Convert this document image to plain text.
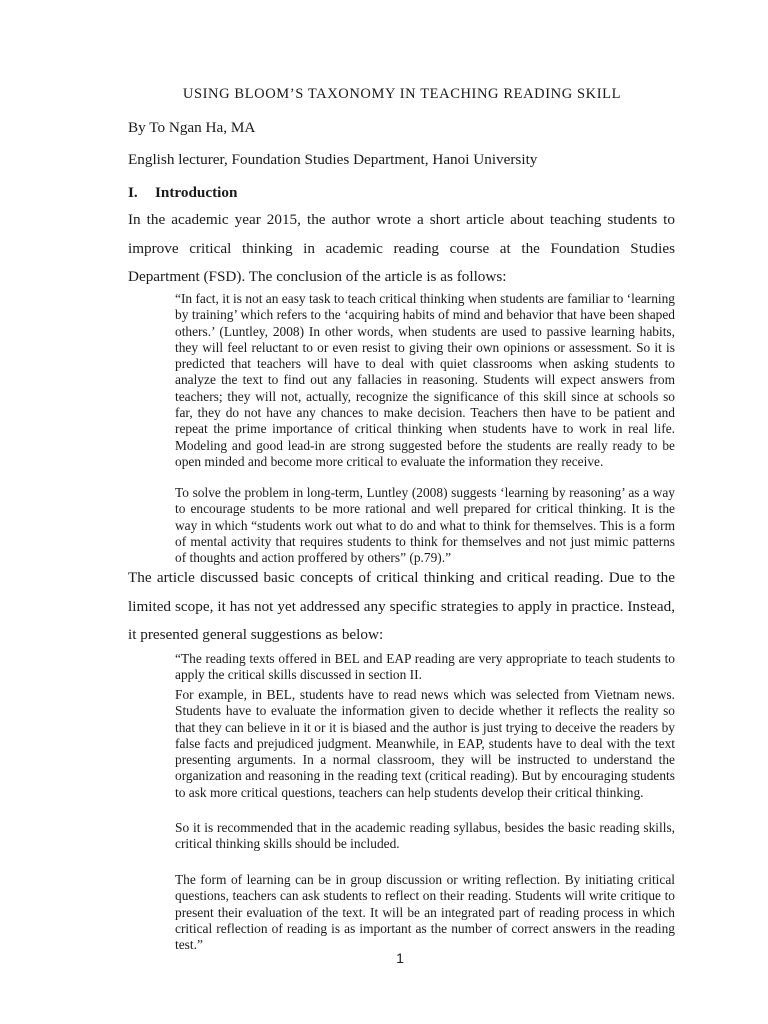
USING BLOOM’S TAXONOMY IN TEACHING READING SKILL

By To Ngan Ha, MA

English lecturer, Foundation Studies Department, Hanoi University

I. Introduction

In the academic year 2015, the author wrote a short article about teaching students to improve critical thinking in academic reading course at the Foundation Studies Department (FSD). The conclusion of the article is as follows:

“In fact, it is not an easy task to teach critical thinking when students are familiar to ‘learning by training’ which refers to the ‘acquiring habits of mind and behavior that have been shaped others.’ (Luntley, 2008) In other words, when students are used to passive learning habits, they will feel reluctant to or even resist to giving their own opinions or assessment. So it is predicted that teachers will have to deal with quiet classrooms when asking students to analyze the text to find out any fallacies in reasoning. Students will expect answers from teachers; they will not, actually, recognize the significance of this skill since at schools so far, they do not have any chances to make decision. Teachers then have to be patient and repeat the prime importance of critical thinking when students have to work in real life. Modeling and good lead-in are strong suggested before the students are really ready to be open minded and become more critical to evaluate the information they receive.

To solve the problem in long-term, Luntley (2008) suggests ‘learning by reasoning’ as a way to encourage students to be more rational and well prepared for critical thinking. It is the way in which “students work out what to do and what to think for themselves. This is a form of mental activity that requires students to think for themselves and not just mimic patterns of thoughts and action proffered by others” (p.79).”

The article discussed basic concepts of critical thinking and critical reading. Due to the limited scope, it has not yet addressed any specific strategies to apply in practice. Instead, it presented general suggestions as below:

“The reading texts offered in BEL and EAP reading are very appropriate to teach students to apply the critical skills discussed in section II.

For example, in BEL, students have to read news which was selected from Vietnam news. Students have to evaluate the information given to decide whether it reflects the reality so that they can believe in it or it is biased and the author is just trying to deceive the readers by false facts and prejudiced judgment. Meanwhile, in EAP, students have to deal with the text presenting arguments. In a normal classroom, they will be instructed to understand the organization and reasoning in the reading text (critical reading). But by encouraging students to ask more critical questions, teachers can help students develop their critical thinking.

So it is recommended that in the academic reading syllabus, besides the basic reading skills, critical thinking skills should be included.

The form of learning can be in group discussion or writing reflection. By initiating critical questions, teachers can ask students to reflect on their reading. Students will write critique to present their evaluation of the text. It will be an integrated part of reading process in which critical reflection of reading is as important as the number of correct answers in the reading test.”

1
